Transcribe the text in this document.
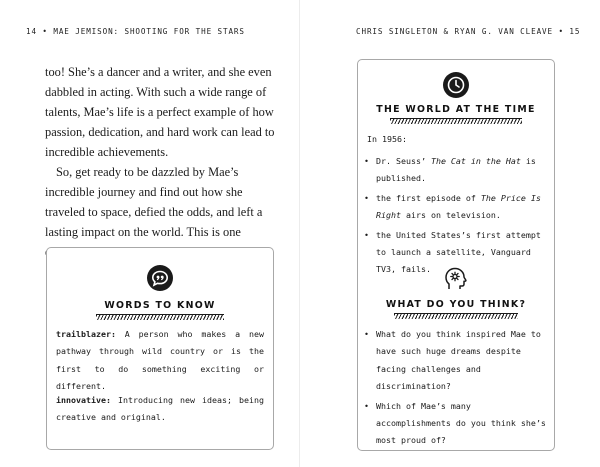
14 • MAE JEMISON: SHOOTING FOR THE STARS

too! She’s a dancer and a writer, and she even dabbled in acting. With such a wide range of talents, Mae’s life is a perfect example of how passion, dedication, and hard work can lead to incredible achievements.

So, get ready to be dazzled by Mae’s incredible journey and find out how she traveled to space, defied the odds, and left a lasting impact on the world. This is one

WORDS TO KNOW

trailblazer: A person who makes a new pathway through wild country or is the first to do something exciting or different.

innovative: Introducing new ideas; being creative and original.

CHRIS SINGLETON & RYAN G. VAN CLEAVE • 15
THE WORLD AT THE TIME

In 1956:

• Dr. Seuss’ The Cat in the Hat is published.
• the first episode of The Price Is Right airs on television.
• the United States’s first attempt to launch a satellite, Vanguard TV3, fails.
WHAT DO YOU THINK?
• What do you think inspired Mae to have such huge dreams despite facing challenges and discrimination?
• Which of Mae’s many accomplishments do you think she’s most proud of?
